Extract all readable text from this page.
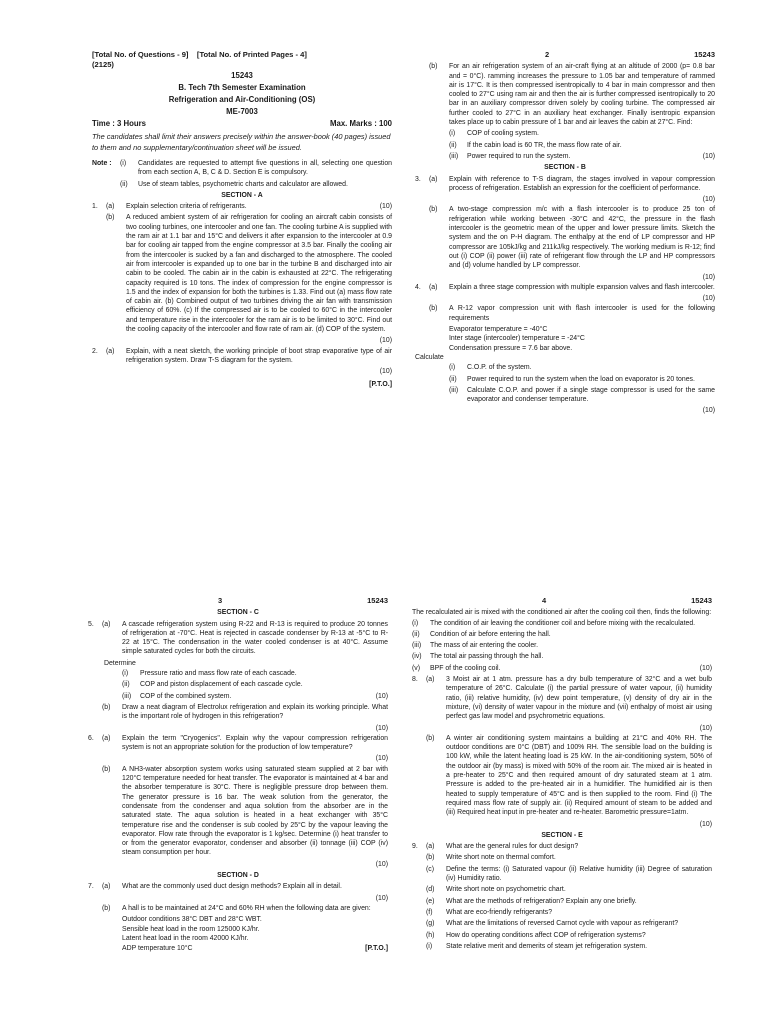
[Total No. of Questions - 9] [Total No. of Printed Pages - 4]
(2125)
15243
B. Tech 7th Semester Examination
Refrigeration and Air-Conditioning (OS)
ME-7003
Time : 3 Hours	Max. Marks : 100
The candidates shall limit their answers precisely within the answer-book (40 pages) issued to them and no supplementary/continuation sheet will be issued.
Note :	(i)	Candidates are requested to attempt five questions in all, selecting one question from each section A, B, C & D. Section E is compulsory.
(ii)	Use of steam tables, psychometric charts and calculator are allowed.
SECTION - A
1.	(a)	Explain selection criteria of refrigerants.	(10)
(b)	A reduced ambient system of air refrigeration for cooling an aircraft cabin consists of two cooling turbines, one intercooler and one fan. The cooling turbine A is supplied with the ram air at 1.1 bar and 15°C and delivers it after expansion to the intercooler at 0.9 bar for cooling air tapped from the engine compressor at 3.5 bar. Finally the cooling air from the intercooler is sucked by a fan and discharged to the atmosphere. The cooled air from intercooler is expanded up to one bar in the turbine B and discharged into air cabin to be cooled. The cabin air in the cabin is exhausted at 22°C. The refrigerating capacity required is 10 tons. The index of compression for the engine compressor is 1.5 and the index of expansion for both the turbines is 1.33. Find out (a) mass flow rate of cabin air. (b) Combined output of two turbines driving the air fan with transmission efficiency of 60%. (c) If the compressed air is to be cooled to 60°C in the intercooler and temperature rise in the intercooler for the ram air is to be limited to 30°C. Find out the cooling capacity of the intercooler and flow rate of ram air. (d) COP of the system.
(10)
2.	(a)	Explain, with a neat sketch, the working principle of boot strap evaporative type of air refrigeration system. Draw T-S diagram for the system.
(10)
[P.T.O.]
2	15243
(b)	For an air refrigeration system of an air-craft flying at an altitude of 2000 (p= 0.8 bar and = 0°C). ramming increases the pressure to 1.05 bar and temperature of rammed air is 17°C. It is then compressed isentropically to 4 bar in main compressor and then cooled to 27°C using ram air and then the air is further compressed isentropically to 20 bar in an auxiliary compressor driven solely by cooling turbine. The compressed air further cooled to 27°C in an auxiliary heat exchanger. Finally isentropic expansion takes place up to cabin pressure of 1 bar and air leaves the cabin at 27°C. Find:
(i)	COP of cooling system.
(ii)	If the cabin load is 60 TR, the mass flow rate of air.
(iii)	Power required to run the system.	(10)
SECTION - B
3.	(a)	Explain with reference to T-S diagram, the stages involved in vapour compression process of refrigeration. Establish an expression for the coefficient of performance.
(10)
(b)	A two-stage compression m/c with a flash intercooler is to produce 25 ton of refrigeration while working between -30°C and 42°C, the pressure in the flash intercooler is the geometric mean of the upper and lower pressure limits. Sketch the system and the on P-H diagram. The enthalpy at the end of LP compressor and HP compressor are 105kJ/kg and 211kJ/kg respectively. The working medium is R-12; find out (i) COP (ii) power (iii) rate of refrigerant flow through the LP and HP compressors and (d) volume handled by LP compressor.
(10)
4.	(a)	Explain a three stage compression with multiple expansion valves and flash intercooler.
(10)
(b)	A R-12 vapor compression unit with flash intercooler is used for the following requirements
Evaporator temperature = -40°C
Inter stage (intercooler) temperature = -24°C
Condensation pressure = 7.6 bar above.
Calculate
(i)	C.O.P. of the system.
(ii)	Power required to run the system when the load on evaporator is 20 tones.
(iii)	Calculate C.O.P. and power if a single stage compressor is used for the same evaporator and condenser temperature.
(10)
3	15243
SECTION - C
5.	(a)	A cascade refrigeration system using R-22 and R-13 is required to produce 20 tonnes of refrigeration at -70°C. Heat is rejected in cascade condenser by R-13 at -5°C to R-22 at 15°C. The condensation in the water cooled condenser is at 40°C. Assume simple saturated cycles for both the circuits.
Determine
(i)	Pressure ratio and mass flow rate of each cascade.
(ii)	COP and piston displacement of each cascade cycle.
(iii)	COP of the combined system.	(10)
(b)	Draw a neat diagram of Electrolux refrigeration and explain its working principle. What is the important role of hydrogen in this refrigeration?
(10)
6.	(a)	Explain the term "Cryogenics". Explain why the vapour compression refrigeration system is not an appropriate solution for the production of low temperature?
(10)
(b)	A NH3-water absorption system works using saturated steam supplied at 2 bar with 120°C temperature needed for heat transfer. The evaporator is maintained at 4 bar and the absorber temperature is 30°C. There is negligible pressure drop between them. The generator pressure is 16 bar. The weak solution from the generator, the condensate from the condenser and aqua solution from the absorber are in the saturated state. The aqua solution is heated in a heat exchanger with 35°C temperature rise and the condenser is sub cooled by 25°C by the vapour leaving the evaporator. Flow rate through the evaporator is 1 kg/sec. Determine (i) heat transfer to or from the generator evaporator, condenser and absorber (ii) tonnage (iii) COP (iv) steam consumption per hour.
(10)
SECTION - D
7.	(a)	What are the commonly used duct design methods? Explain all in detail.
(10)
(b)	A hall is to be maintained at 24°C and 60% RH when the following data are given:
Outdoor conditions 38°C DBT and 28°C WBT.
Sensible heat load in the room 125000 KJ/hr.
Latent heat load in the room 42000 KJ/hr.
ADP temperature 10°C	[P.T.O.]
4	15243
The recalculated air is mixed with the conditioned air after the cooling coil then, finds the following:
(i)	The condition of air leaving the conditioner coil and before mixing with the recalculated.
(ii)	Condition of air before entering the hall.
(iii)	The mass of air entering the cooler.
(iv)	The total air passing through the hall.
(v)	BPF of the cooling coil.	(10)
8.	(a)	3 Moist air at 1 atm. pressure has a dry bulb temperature of 32°C and a wet bulb temperature of 26°C. Calculate (i) the partial pressure of water vapour, (ii) humidity ratio, (iii) relative humidity, (iv) dew point temperature, (v) density of dry air in the mixture, (vi) density of water vapour in the mixture and (vii) enthalpy of moist air using perfect gas law model and psychrometric equations.
(10)
(b)	A winter air conditioning system maintains a building at 21°C and 40% RH. The outdoor conditions are 0°C (DBT) and 100% RH. The sensible load on the building is 100 kW, while the latent heating load is 25 kW. In the air-conditioning system, 50% of the outdoor air (by mass) is mixed with 50% of the room air. The mixed air is heated in a pre-heater to 25°C and then required amount of dry saturated steam at 1 atm. Pressure is added to the pre-heated air in a humidifier. The humidified air is then heated to supply temperature of 45°C and is then supplied to the room. Find (i) The required mass flow rate of supply air. (ii) Required amount of steam to be added and (iii) Required heat input in pre-heater and re-heater. Barometric pressure=1atm.
(10)
SECTION - E
9.	(a)	What are the general rules for duct design?
(b)	Write short note on thermal comfort.
(c)	Define the terms: (i) Saturated vapour (ii) Relative humidity (iii) Degree of saturation (iv) Humidity ratio.
(d)	Write short note on psychometric chart.
(e)	What are the methods of refrigeration? Explain any one briefly.
(f)	What are eco-friendly refrigerants?
(g)	What are the limitations of reversed Carnot cycle with vapour as refrigerant?
(h)	How do operating conditions affect COP of refrigeration systems?
(i)	State relative merit and demerits of steam jet refrigeration system.
